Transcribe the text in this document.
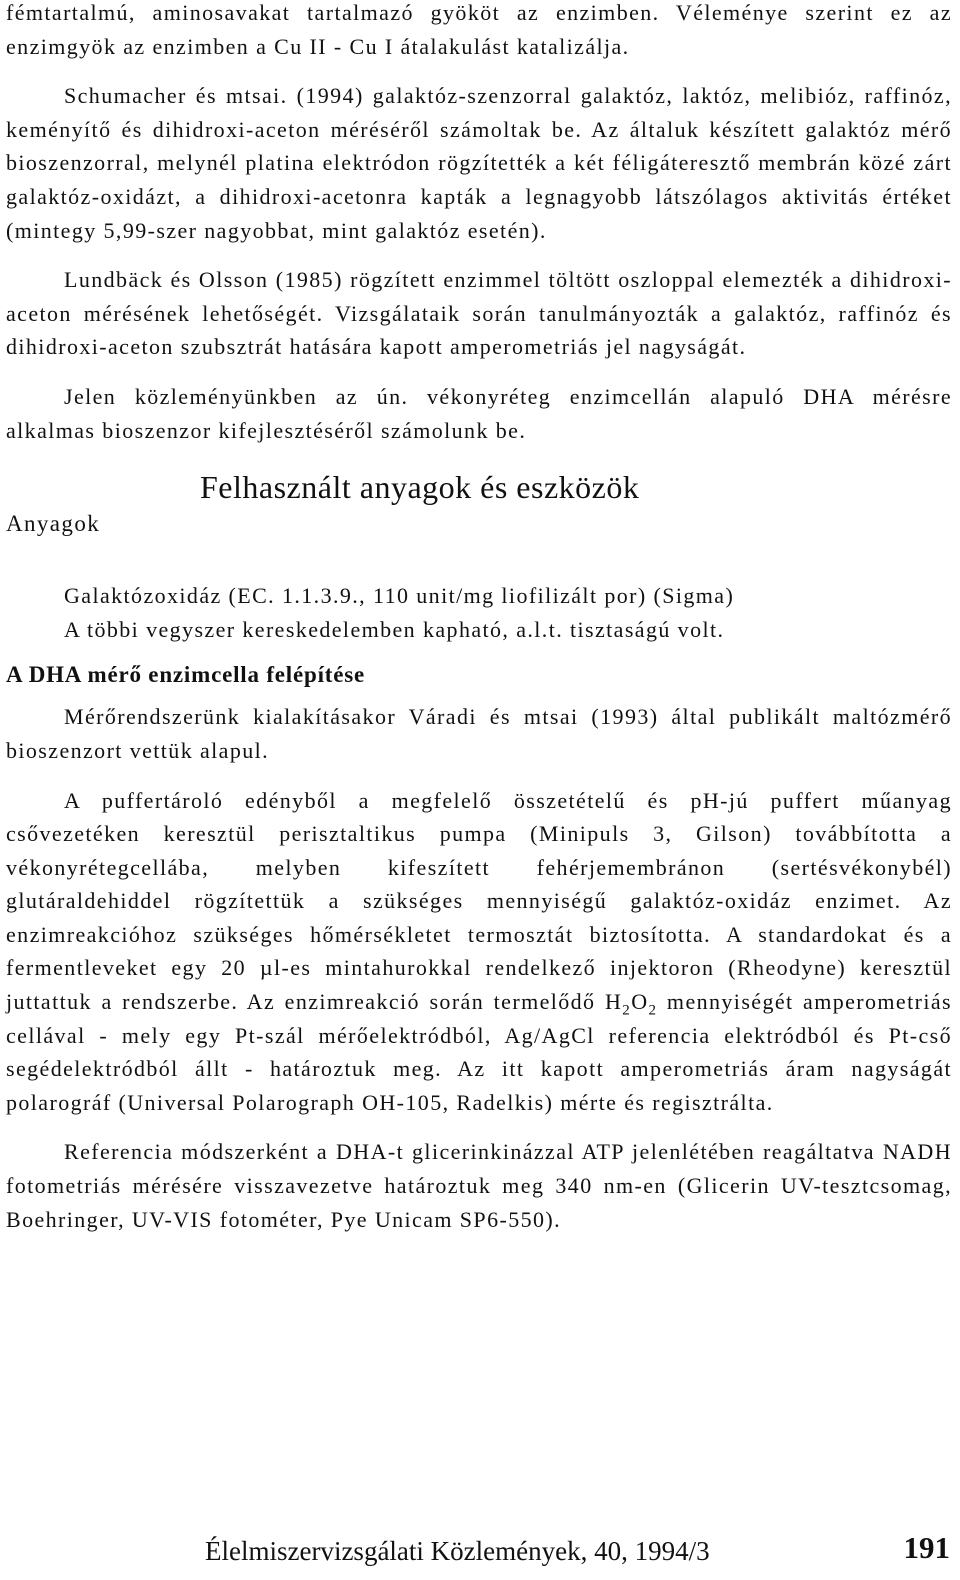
fémtartalmú, aminosavakat tartalmazó gyököt az enzimben. Véleménye szerint ez az enzimgyök az enzimben a Cu II - Cu I átalakulást katalizálja.

Schumacher és mtsai. (1994) galaktóz-szenzorral galaktóz, laktóz, melibióz, raffinóz, keményítő és dihidroxi-aceton méréséről számoltak be. Az általuk készített galaktóz mérő bioszenzorral, melynél platina elektródon rögzítették a két féligáteresztő membrán közé zárt galaktóz-oxidázt, a dihidroxi-acetonra kapták a legnagyobb látszólagos aktivitás értéket (mintegy 5,99-szer nagyobbat, mint galaktóz esetén).

Lundbäck és Olsson (1985) rögzített enzimmel töltött oszloppal elemezték a dihidroxi-aceton mérésének lehetőségét. Vizsgálataik során tanulmányozták a galaktóz, raffinóz és dihidroxi-aceton szubsztrát hatására kapott amperometriás jel nagyságát.

Jelen közleményünkben az ún. vékonyréteg enzimcellán alapuló DHA mérésre alkalmas bioszenzor kifejlesztéséről számolunk be.

Felhasznált anyagok és eszközök
Anyagok

Galaktózoxidáz (EC. 1.1.3.9., 110 unit/mg liofilizált por) (Sigma)

A többi vegyszer kereskedelemben kapható, a.l.t. tisztaságú volt.

A DHA mérő enzimcella felépítése

Mérőrendszerünk kialakításakor Váradi és mtsai (1993) által publikált maltózmérő bioszenzort vettük alapul.

A puffertároló edényből a megfelelő összetételű és pH-jú puffert műanyag csővezetéken keresztül perisztaltikus pumpa (Minipuls 3, Gilson) továbbította a vékonyrétegcellába, melyben kifeszített fehérjemembránon (sertésvékonybél) glutáraldehiddel rögzítettük a szükséges mennyiségű galaktóz-oxidáz enzimet. Az enzimreakcióhoz szükséges hőmérsékletet termosztát biztosította. A standardokat és a fermentleveket egy 20 µl-es mintahurokkal rendelkező injektoron (Rheodyne) keresztül juttattuk a rendszerbe. Az enzimreakció során termelődő $H_2O_2$ mennyiségét amperometriás cellával - mely egy Pt-szál mérőelektródból, Ag/AgCl referencia elektródból és Pt-cső segédelektródból állt - határoztuk meg. Az itt kapott amperometriás áram nagyságát polarográf (Universal Polarograph OH-105, Radelkis) mérte és regisztrálta.

Referencia módszerként a DHA-t glicerinkinázzal ATP jelenlétében reagáltatva NADH fotometriás mérésére visszavezetve határoztuk meg 340 nm-en (Glicerin UV-tesztcsomag, Boehringer, UV-VIS fotométer, Pye Unicam SP6-550).

Élelmiszervizsgálati Közlemények, 40, 1994/3	191
